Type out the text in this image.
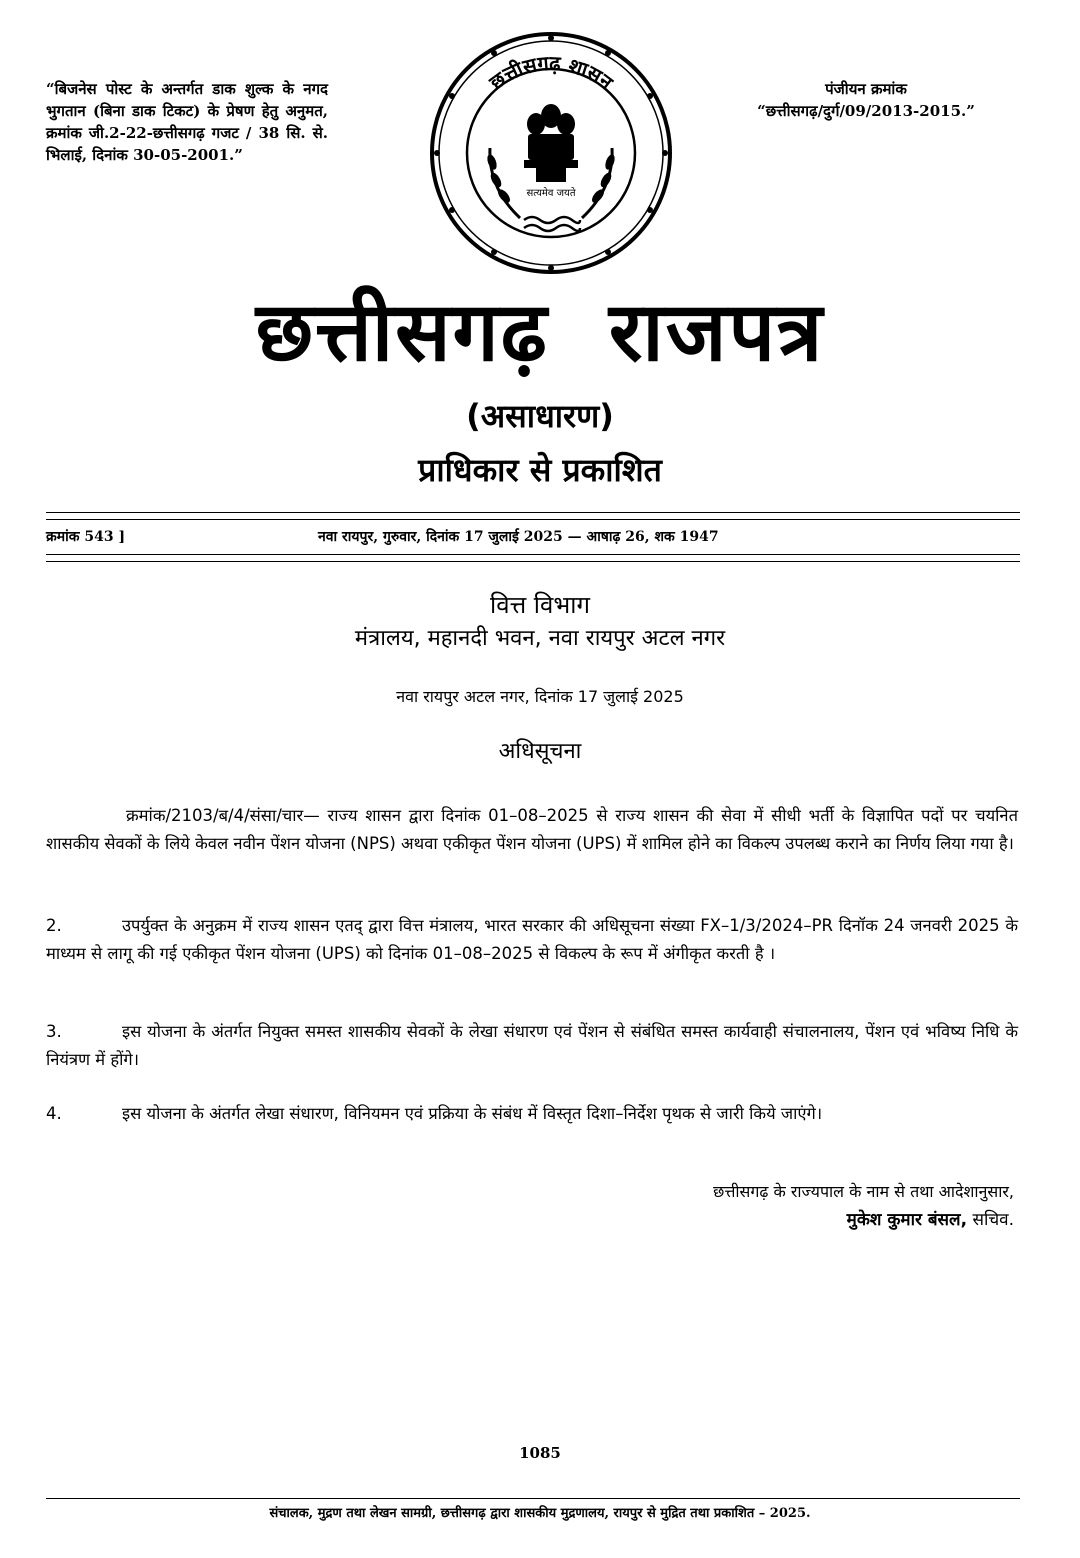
“बिजनेस पोस्ट के अन्तर्गत डाक शुल्क के नगद भुगतान (बिना डाक टिकट) के प्रेषण हेतु अनुमत, क्रमांक जी.2-22-छत्तीसगढ़ गजट / 38 सि. से. भिलाई, दिनांक 30-05-2001.”
पंजीयन क्रमांक
“छत्तीसगढ़/दुर्ग/09/2013-2015.”
छत्तीसगढ़ शासन
सत्यमेव जयते
छत्तीसगढ़ राजपत्र
(असाधारण)
प्राधिकार से प्रकाशित
क्रमांक 543 ]	नवा रायपुर, गुरुवार, दिनांक 17 जुलाई 2025 — आषाढ़ 26, शक 1947
वित्त विभाग
मंत्रालय, महानदी भवन, नवा रायपुर अटल नगर
नवा रायपुर अटल नगर, दिनांक 17 जुलाई 2025
अधिसूचना
क्रमांक/2103/ब/4/संसा/चार— राज्य शासन द्वारा दिनांक 01–08–2025 से राज्य शासन की सेवा में सीधी भर्ती के विज्ञापित पदों पर चयनित शासकीय सेवकों के लिये केवल नवीन पेंशन योजना (NPS) अथवा एकीकृत पेंशन योजना (UPS) में शामिल होने का विकल्प उपलब्ध कराने का निर्णय लिया गया है।
2.	उपर्युक्त के अनुक्रम में राज्य शासन एतद् द्वारा वित्त मंत्रालय, भारत सरकार की अधिसूचना संख्या FX–1/3/2024–PR दिनॉक 24 जनवरी 2025 के माध्यम से लागू की गई एकीकृत पेंशन योजना (UPS) को दिनांक 01–08–2025 से विकल्प के रूप में अंगीकृत करती है ।
3.	इस योजना के अंतर्गत नियुक्त समस्त शासकीय सेवकों के लेखा संधारण एवं पेंशन से संबंधित समस्त कार्यवाही संचालनालय, पेंशन एवं भविष्य निधि के नियंत्रण में होंगे।
4.	इस योजना के अंतर्गत लेखा संधारण, विनियमन एवं प्रक्रिया के संबंध में विस्तृत दिशा–निर्देश पृथक से जारी किये जाएंगे।
छत्तीसगढ़ के राज्यपाल के नाम से तथा आदेशानुसार,
मुकेश कुमार बंसल, सचिव.
1085
संचालक, मुद्रण तथा लेखन सामग्री, छत्तीसगढ़ द्वारा शासकीय मुद्रणालय, रायपुर से मुद्रित तथा प्रकाशित – 2025.
